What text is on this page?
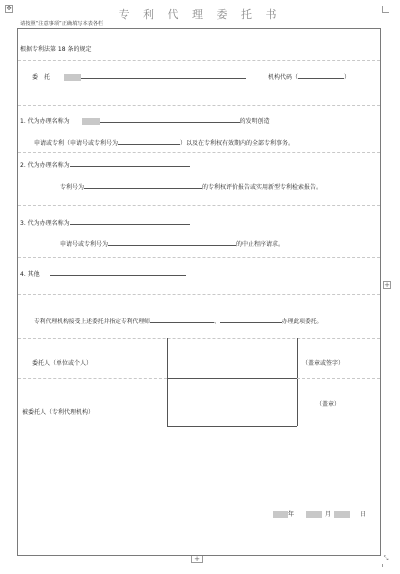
✥
+
+	⤡
专 利 代 理 委 托 书
请按照“注意事项”正确填写本表各栏
根据专利法第 18 条的规定
委　托	机构代码（	）
1. 代为办理名称为	的发明创造
申请或专利（申请号或专利号为	）以及在专利权有效期内的全部专利事务。
2. 代为办理名称为
专利号为	的专利权评价报告或实用新型专利检索报告。
3. 代为办理名称为
申请号或专利号为	的中止程序请求。
4. 其他
专利代理机构接受上述委托并指定专利代理师	、	办理此项委托。
委托人（单位或个人）	（盖章或签字）
被委托人（专利代理机构）
（盖章）
年	月	日
